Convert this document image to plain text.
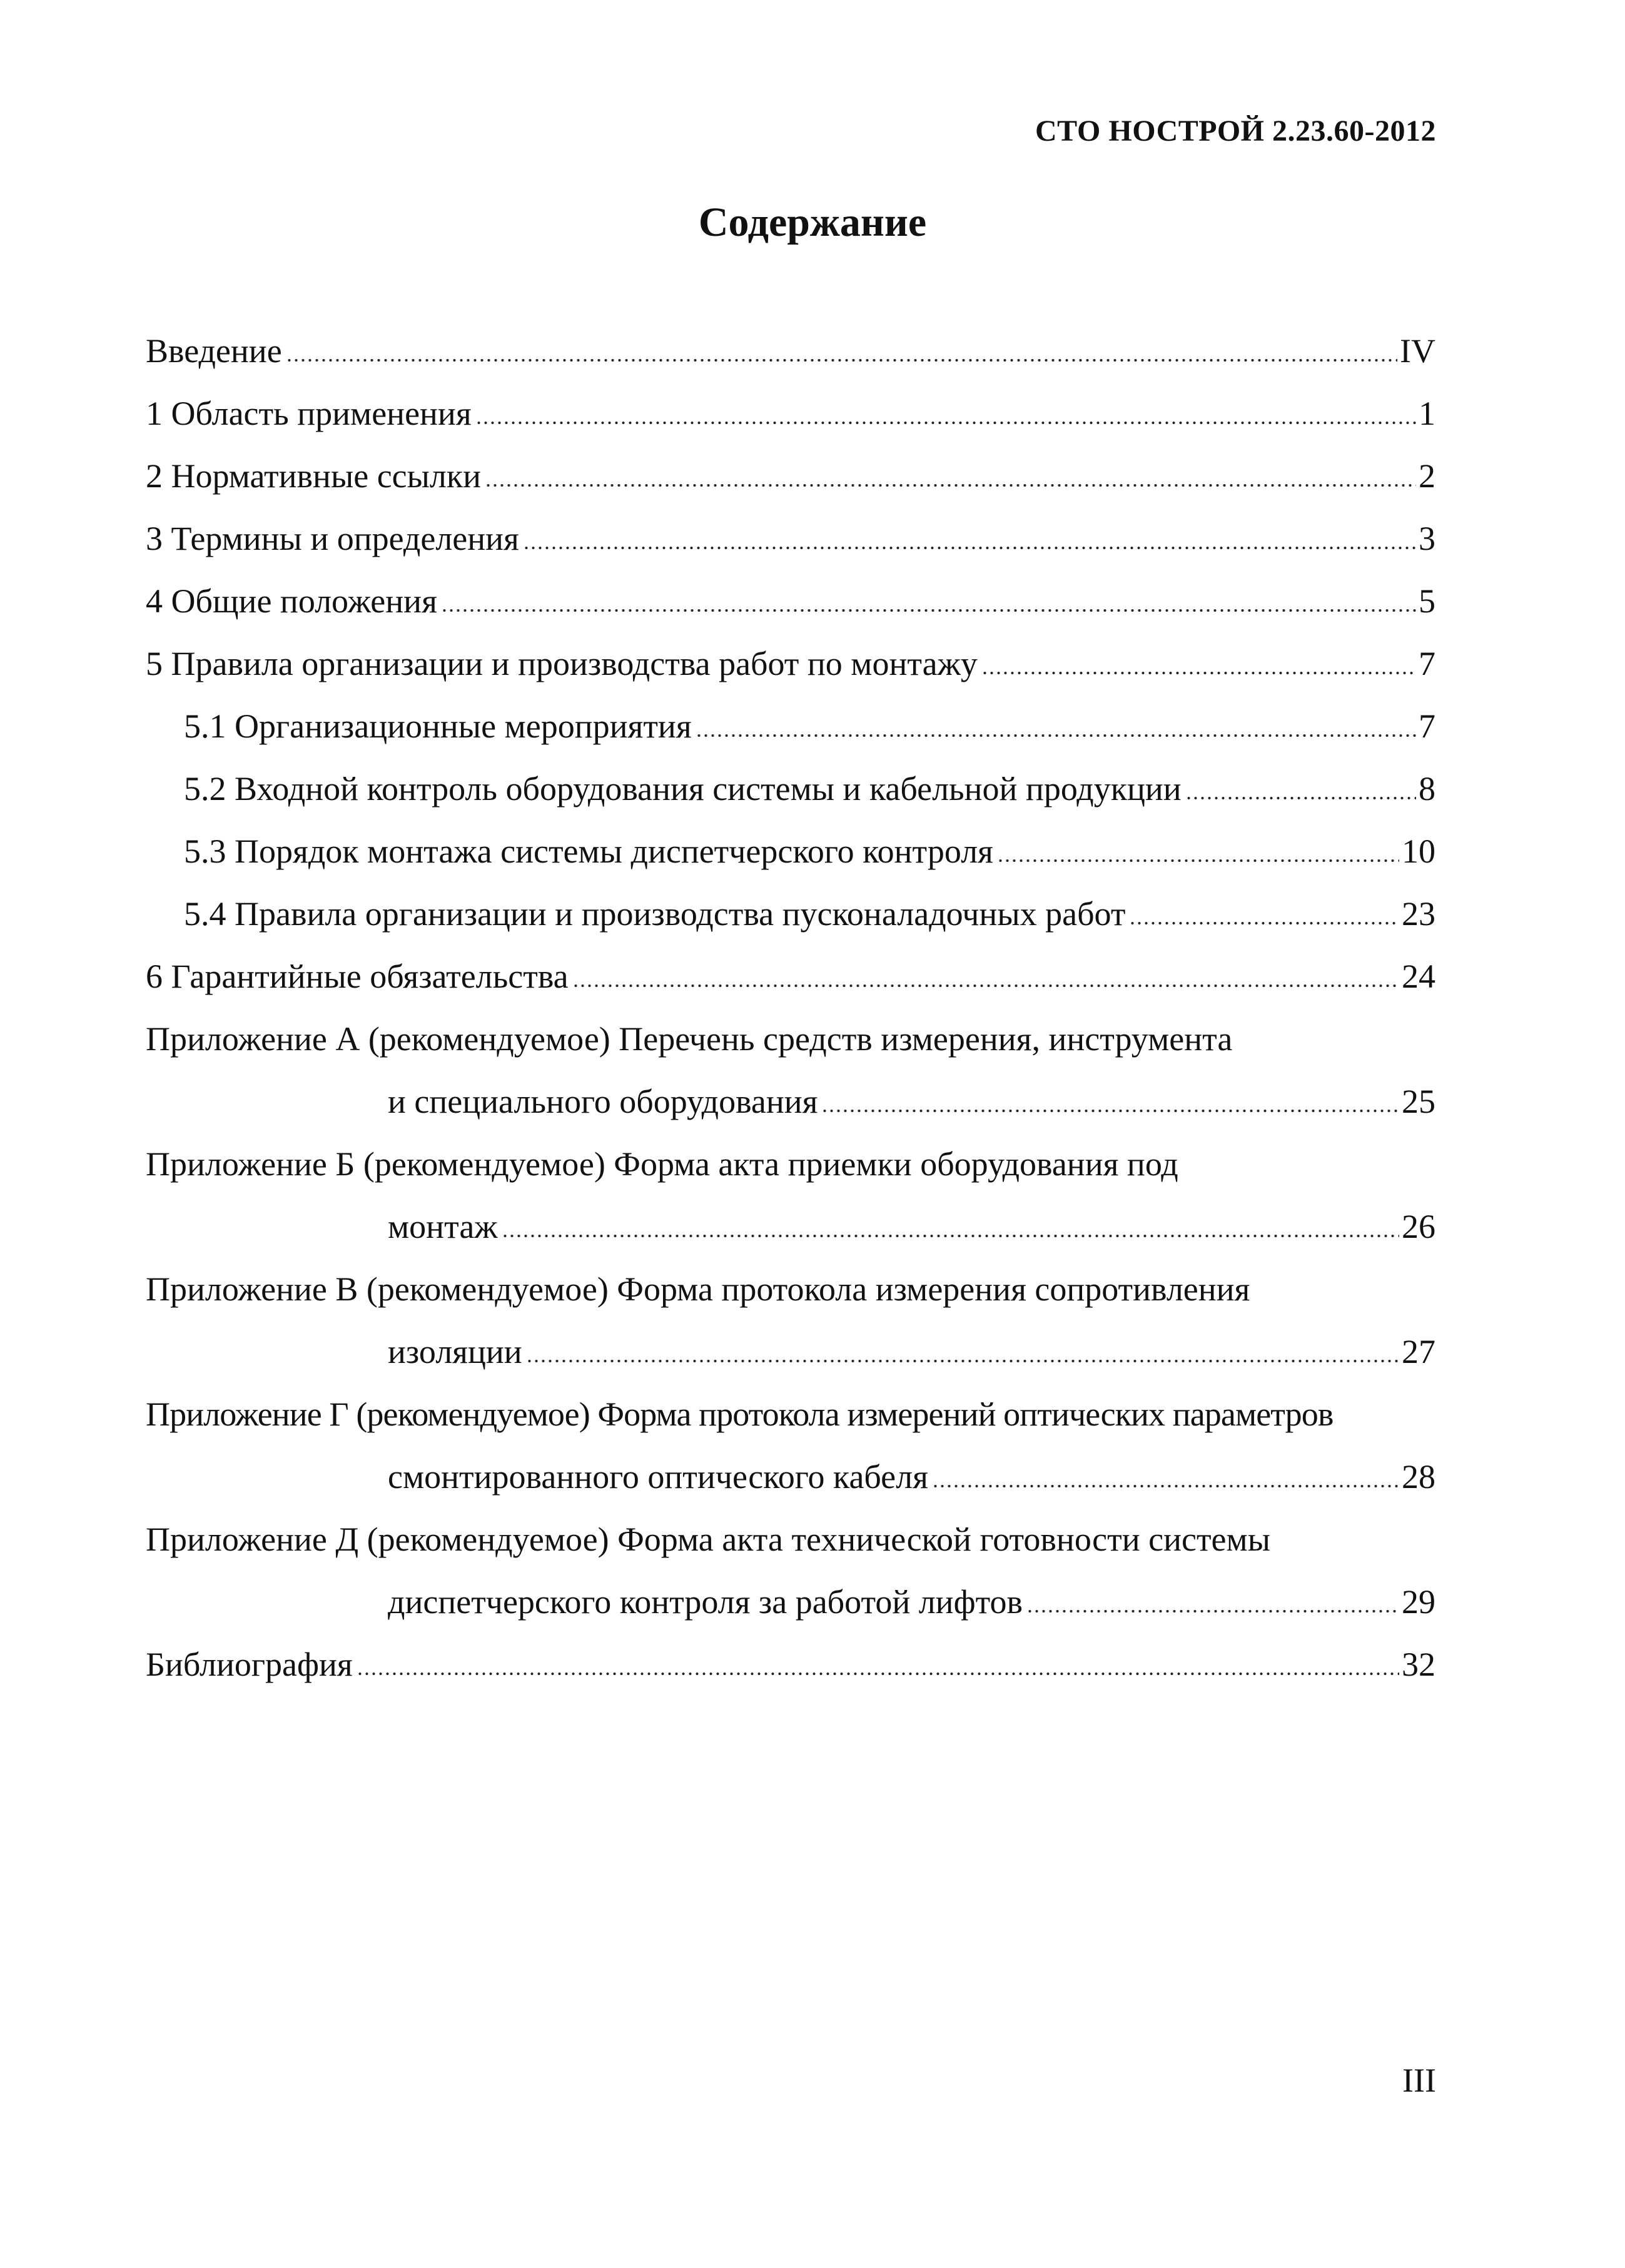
СТО НОСТРОЙ 2.23.60-2012
Содержание
Введение	IV
1 Область применения	1
2 Нормативные ссылки	2
3 Термины и определения	3
4 Общие положения	5
5 Правила организации и производства работ по монтажу	7
5.1 Организационные мероприятия	7
5.2 Входной контроль оборудования системы и кабельной продукции	8
5.3 Порядок монтажа системы диспетчерского контроля	10
5.4 Правила организации и производства пусконаладочных работ	23
6 Гарантийные обязательства	24
Приложение А (рекомендуемое) Перечень средств измерения, инструмента
и специального оборудования	25
Приложение Б (рекомендуемое) Форма акта приемки оборудования под
монтаж	26
Приложение В (рекомендуемое) Форма протокола измерения сопротивления
изоляции	27
Приложение Г (рекомендуемое) Форма протокола измерений оптических параметров
смонтированного оптического кабеля	28
Приложение Д (рекомендуемое) Форма акта технической готовности системы
диспетчерского контроля за работой лифтов	29
Библиография	32
III
